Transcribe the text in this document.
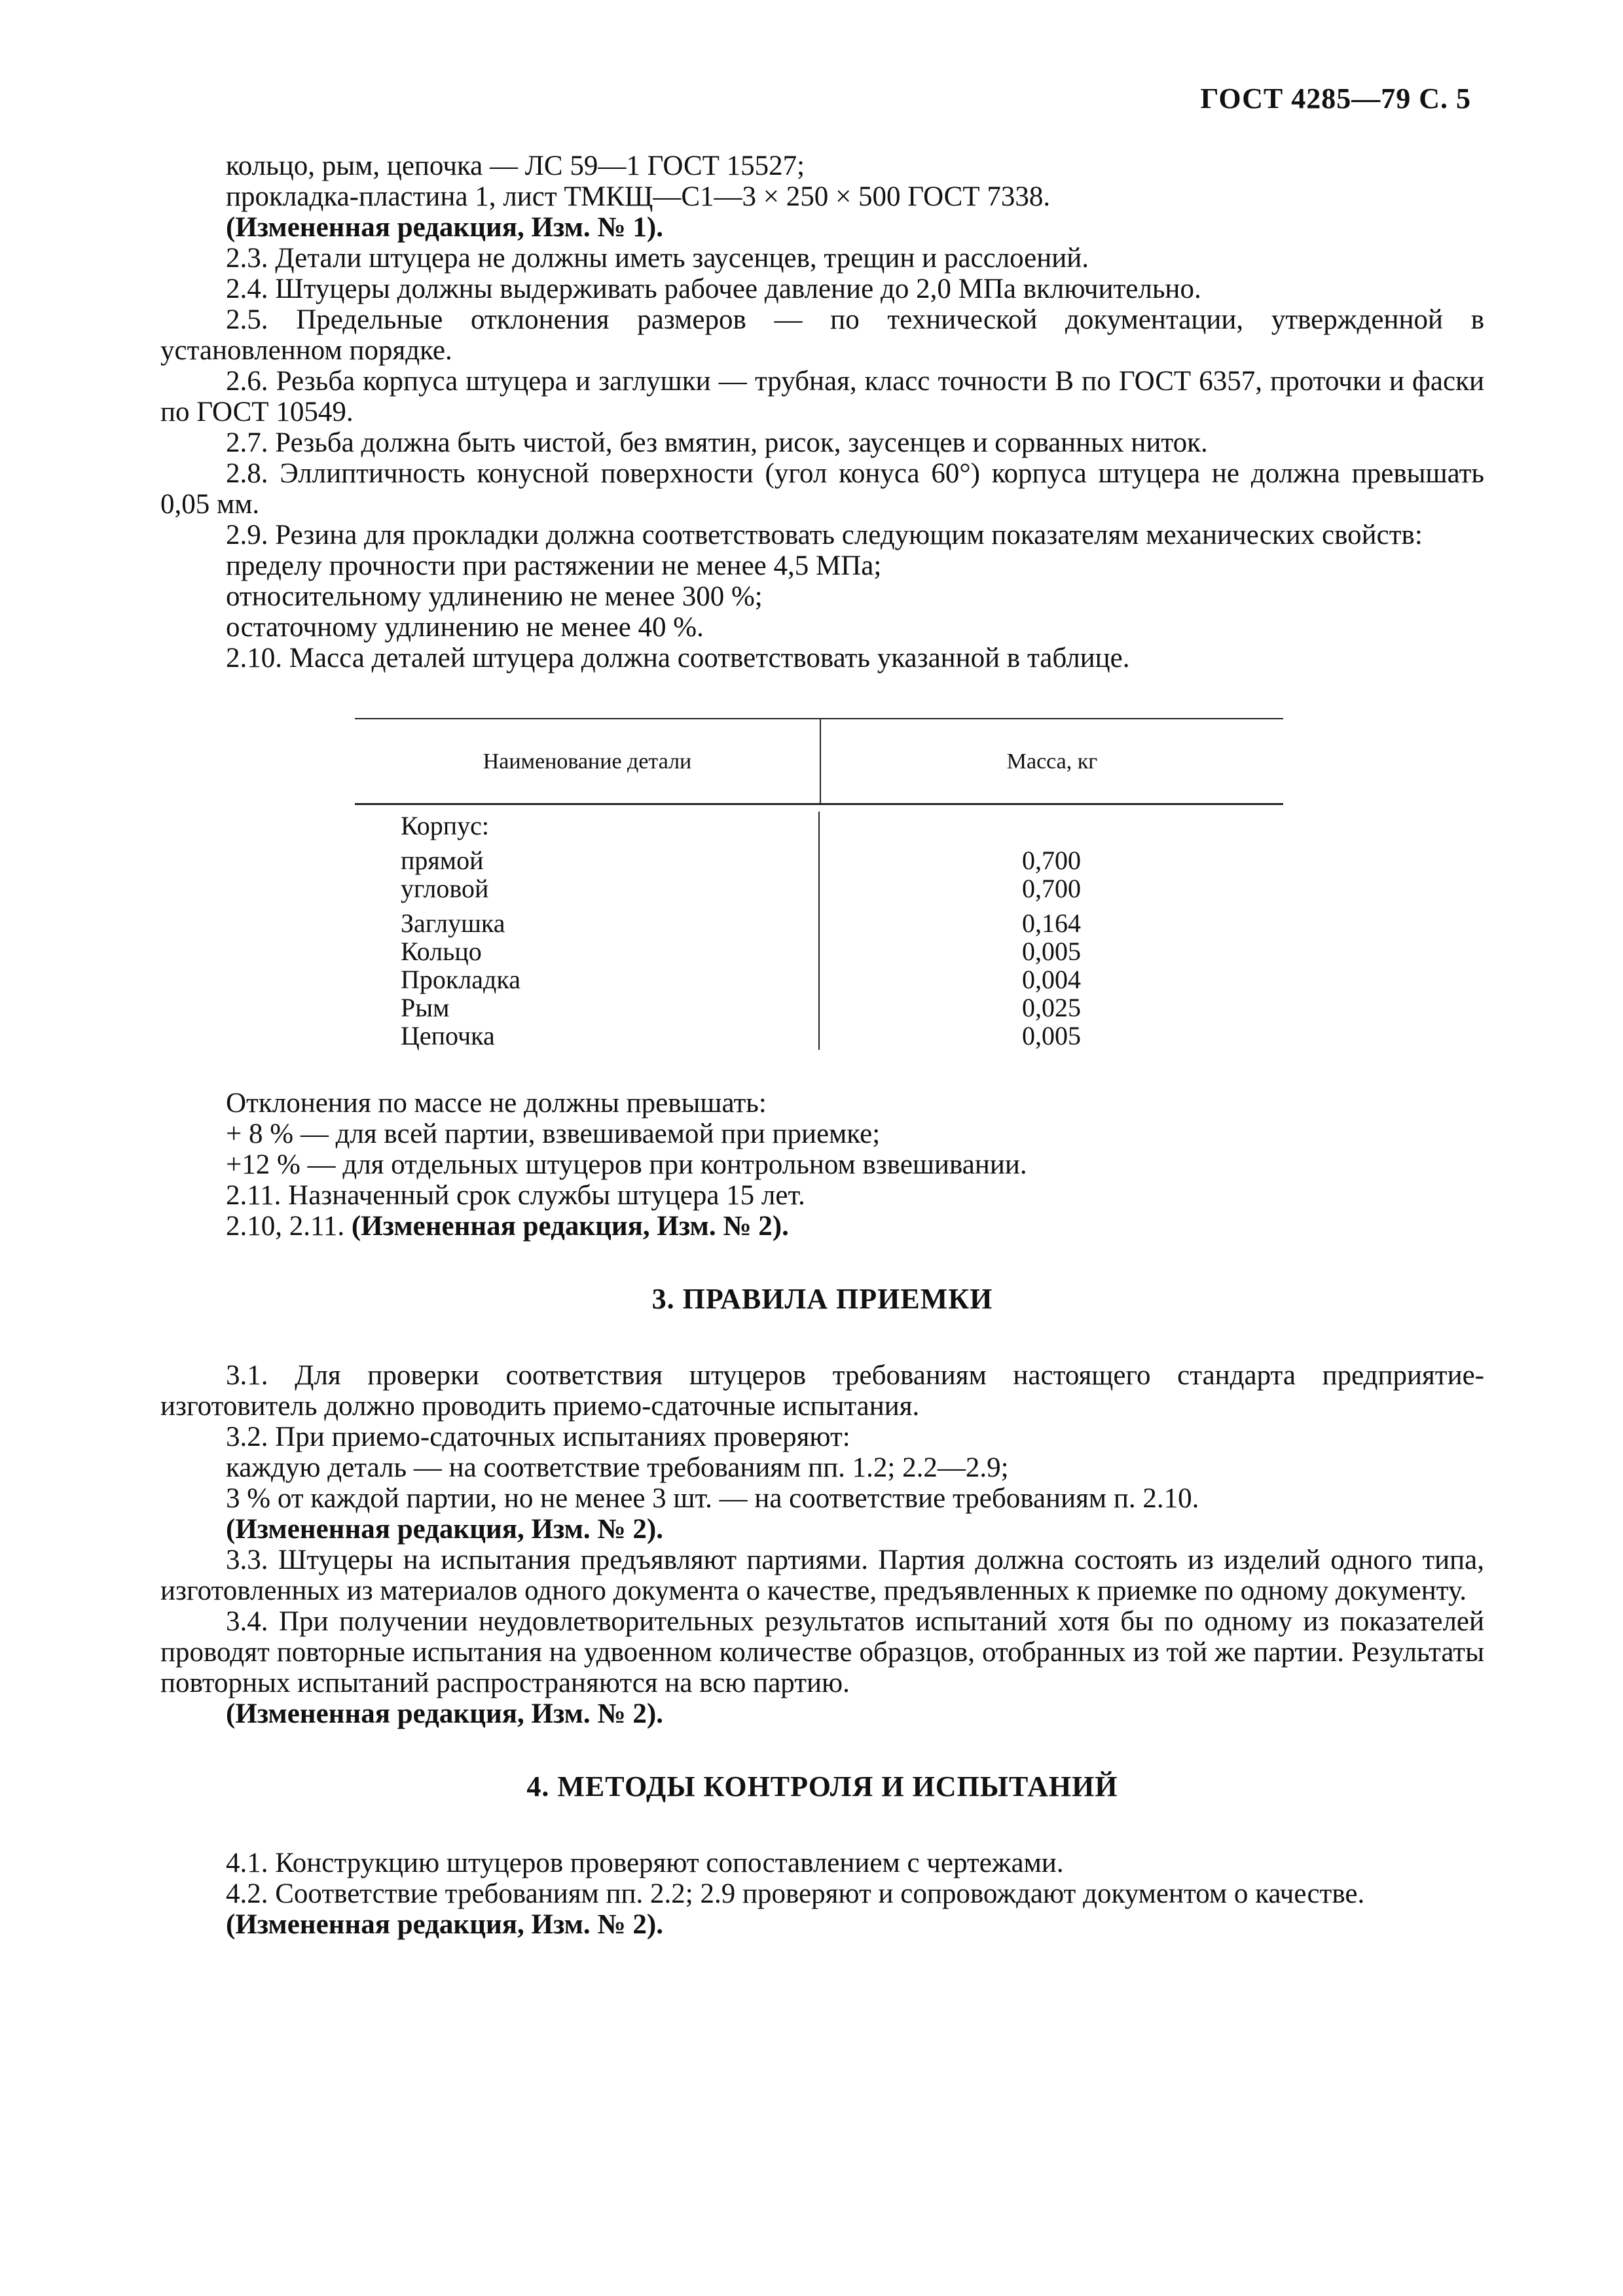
ГОСТ 4285—79 С. 5

кольцо, рым, цепочка — ЛС 59—1 ГОСТ 15527;

прокладка-пластина 1, лист ТМКЩ—С1—3 × 250 × 500 ГОСТ 7338.

(Измененная редакция, Изм. № 1).

2.3. Детали штуцера не должны иметь заусенцев, трещин и расслоений.

2.4. Штуцеры должны выдерживать рабочее давление до 2,0 МПа включительно.

2.5. Предельные отклонения размеров — по технической документации, утвержденной в установленном порядке.

2.6. Резьба корпуса штуцера и заглушки — трубная, класс точности В по ГОСТ 6357, проточки и фаски по ГОСТ 10549.

2.7. Резьба должна быть чистой, без вмятин, рисок, заусенцев и сорванных ниток.

2.8. Эллиптичность конусной поверхности (угол конуса 60°) корпуса штуцера не должна превышать 0,05 мм.

2.9. Резина для прокладки должна соответствовать следующим показателям механических свойств:

пределу прочности при растяжении не менее 4,5 МПа;

относительному удлинению не менее 300 %;

остаточному удлинению не менее 40 %.

2.10. Масса деталей штуцера должна соответствовать указанной в таблице.

Наименование детали	Масса, кг
Корпус:
прямой
угловой
Заглушка
Кольцо
Прокладка
Рым
Цепочка

0,700
0,700
0,164
0,005
0,004
0,025
0,005

Отклонения по массе не должны превышать:

+ 8 % — для всей партии, взвешиваемой при приемке;

+12 % — для отдельных штуцеров при контрольном взвешивании.

2.11. Назначенный срок службы штуцера 15 лет.

2.10, 2.11. (Измененная редакция, Изм. № 2).

3. ПРАВИЛА ПРИЕМКИ

3.1. Для проверки соответствия штуцеров требованиям настоящего стандарта предприятие-изготовитель должно проводить приемо-сдаточные испытания.

3.2. При приемо-сдаточных испытаниях проверяют:

каждую деталь — на соответствие требованиям пп. 1.2; 2.2—2.9;

3 % от каждой партии, но не менее 3 шт. — на соответствие требованиям п. 2.10.

(Измененная редакция, Изм. № 2).

3.3. Штуцеры на испытания предъявляют партиями. Партия должна состоять из изделий одного типа, изготовленных из материалов одного документа о качестве, предъявленных к приемке по одному документу.

3.4. При получении неудовлетворительных результатов испытаний хотя бы по одному из показателей проводят повторные испытания на удвоенном количестве образцов, отобранных из той же партии. Результаты повторных испытаний распространяются на всю партию.

(Измененная редакция, Изм. № 2).

4. МЕТОДЫ КОНТРОЛЯ И ИСПЫТАНИЙ

4.1. Конструкцию штуцеров проверяют сопоставлением с чертежами.

4.2. Соответствие требованиям пп. 2.2; 2.9 проверяют и сопровождают документом о качестве.

(Измененная редакция, Изм. № 2).
